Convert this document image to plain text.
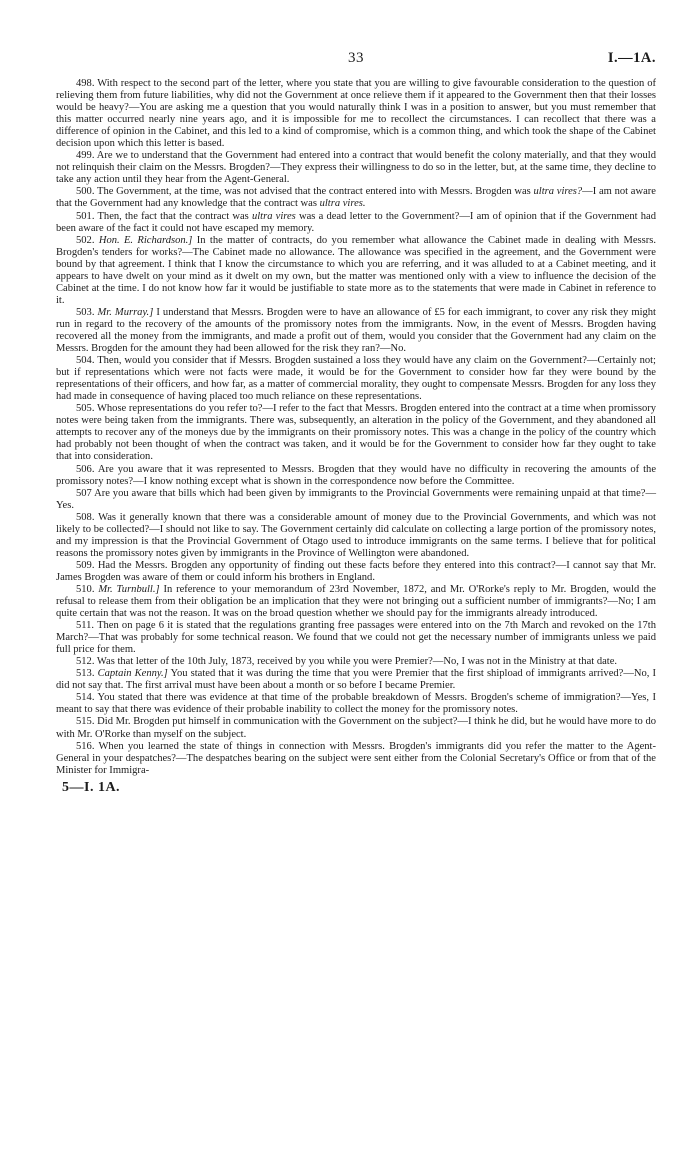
33	I.—1A.

498. With respect to the second part of the letter, where you state that you are willing to give favourable consideration to the question of relieving them from future liabilities, why did not the Government at once relieve them if it appeared to the Government then that their losses would be heavy?—You are asking me a question that you would naturally think I was in a position to answer, but you must remember that this matter occurred nearly nine years ago, and it is impossible for me to recollect the circumstances. I can recollect that there was a difference of opinion in the Cabinet, and this led to a kind of compromise, which is a common thing, and which took the shape of the Cabinet decision upon which this letter is based.

499. Are we to understand that the Government had entered into a contract that would benefit the colony materially, and that they would not relinquish their claim on the Messrs. Brogden?—They express their willingness to do so in the letter, but, at the same time, they decline to take any action until they hear from the Agent-General.

500. The Government, at the time, was not advised that the contract entered into with Messrs. Brogden was ultra vires?—I am not aware that the Government had any knowledge that the contract was ultra vires.

501. Then, the fact that the contract was ultra vires was a dead letter to the Government?—I am of opinion that if the Government had been aware of the fact it could not have escaped my memory.

502. Hon. E. Richardson.] In the matter of contracts, do you remember what allowance the Cabinet made in dealing with Messrs. Brogden's tenders for works?—The Cabinet made no allowance. The allowance was specified in the agreement, and the Government were bound by that agreement. I think that I know the circumstance to which you are referring, and it was alluded to at a Cabinet meeting, and it appears to have dwelt on your mind as it dwelt on my own, but the matter was mentioned only with a view to influence the decision of the Cabinet at the time. I do not know how far it would be justifiable to state more as to the statements that were made in Cabinet in reference to it.

503. Mr. Murray.] I understand that Messrs. Brogden were to have an allowance of £5 for each immigrant, to cover any risk they might run in regard to the recovery of the amounts of the promissory notes from the immigrants. Now, in the event of Messrs. Brogden having recovered all the money from the immigrants, and made a profit out of them, would you consider that the Government had any claim on the Messrs. Brogden for the amount they had been allowed for the risk they ran?—No.

504. Then, would you consider that if Messrs. Brogden sustained a loss they would have any claim on the Government?—Certainly not; but if representations which were not facts were made, it would be for the Government to consider how far they were bound by the representations of their officers, and how far, as a matter of commercial morality, they ought to compensate Messrs. Brogden for any loss they had made in consequence of having placed too much reliance on these representations.

505. Whose representations do you refer to?—I refer to the fact that Messrs. Brogden entered into the contract at a time when promissory notes were being taken from the immigrants. There was, subsequently, an alteration in the policy of the Government, and they abandoned all attempts to recover any of the moneys due by the immigrants on their promissory notes. This was a change in the policy of the country which had probably not been thought of when the contract was taken, and it would be for the Government to consider how far they ought to take that into consideration.

506. Are you aware that it was represented to Messrs. Brogden that they would have no difficulty in recovering the amounts of the promissory notes?—I know nothing except what is shown in the correspondence now before the Committee.

507 Are you aware that bills which had been given by immigrants to the Provincial Governments were remaining unpaid at that time?—Yes.

508. Was it generally known that there was a considerable amount of money due to the Provincial Governments, and which was not likely to be collected?—I should not like to say. The Government certainly did calculate on collecting a large portion of the promissory notes, and my impression is that the Provincial Government of Otago used to introduce immigrants on the same terms. I believe that for political reasons the promissory notes given by immigrants in the Province of Wellington were abandoned.

509. Had the Messrs. Brogden any opportunity of finding out these facts before they entered into this contract?—I cannot say that Mr. James Brogden was aware of them or could inform his brothers in England.

510. Mr. Turnbull.] In reference to your memorandum of 23rd November, 1872, and Mr. O'Rorke's reply to Mr. Brogden, would the refusal to release them from their obligation be an implication that they were not bringing out a sufficient number of immigrants?—No; I am quite certain that was not the reason. It was on the broad question whether we should pay for the immigrants already introduced.

511. Then on page 6 it is stated that the regulations granting free passages were entered into on the 7th March and revoked on the 17th March?—That was probably for some technical reason. We found that we could not get the necessary number of immigrants unless we paid full price for them.

512. Was that letter of the 10th July, 1873, received by you while you were Premier?—No, I was not in the Ministry at that date.

513. Captain Kenny.] You stated that it was during the time that you were Premier that the first shipload of immigrants arrived?—No, I did not say that. The first arrival must have been about a month or so before I became Premier.

514. You stated that there was evidence at that time of the probable breakdown of Messrs. Brogden's scheme of immigration?—Yes, I meant to say that there was evidence of their probable inability to collect the money for the promissory notes.

515. Did Mr. Brogden put himself in communication with the Government on the subject?—I think he did, but he would have more to do with Mr. O'Rorke than myself on the subject.

516. When you learned the state of things in connection with Messrs. Brogden's immigrants did you refer the matter to the Agent-General in your despatches?—The despatches bearing on the subject were sent either from the Colonial Secretary's Office or from that of the Minister for Immigra-

5—I. 1A.
